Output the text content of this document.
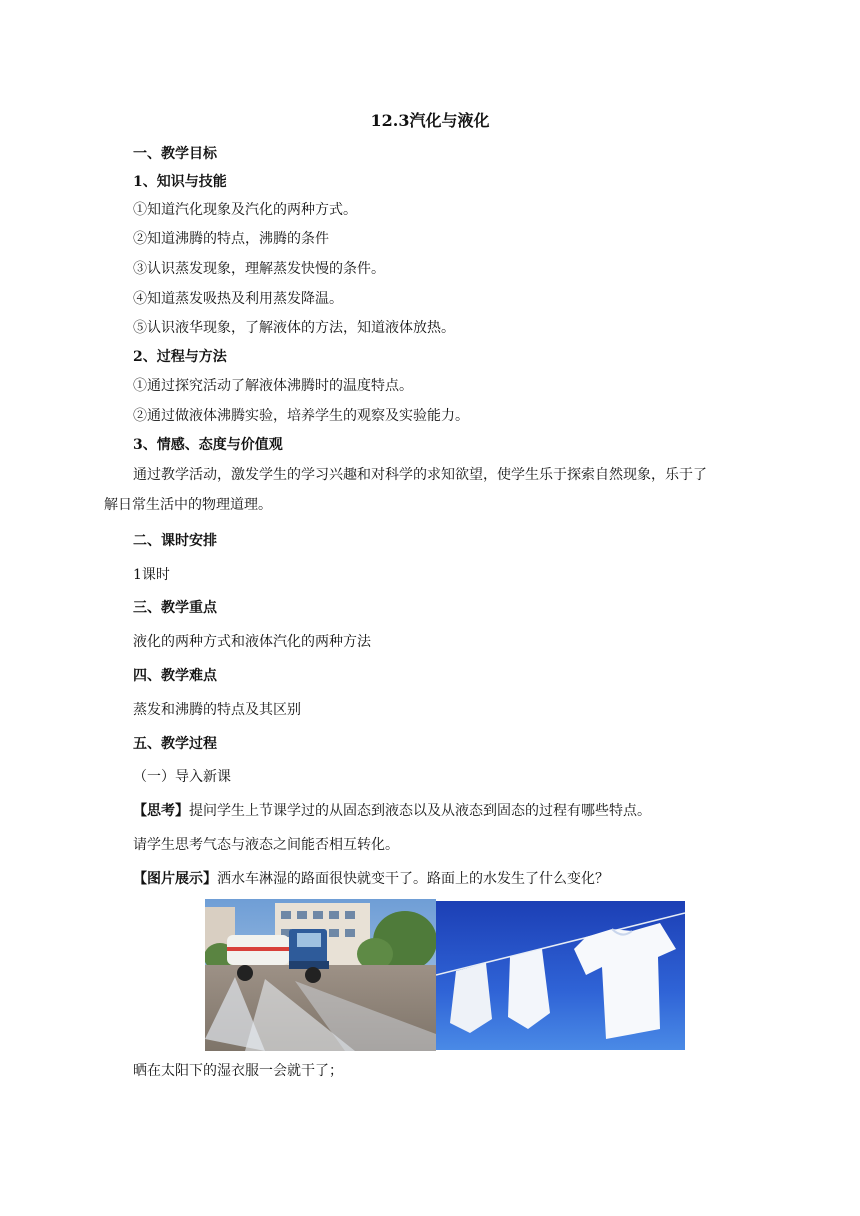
12.3汽化与液化
一、教学目标
1、知识与技能
①知道汽化现象及汽化的两种方式。
②知道沸腾的特点，沸腾的条件
③认识蒸发现象，理解蒸发快慢的条件。
④知道蒸发吸热及利用蒸发降温。
⑤认识液华现象，了解液体的方法，知道液体放热。
2、过程与方法
①通过探究活动了解液体沸腾时的温度特点。
②通过做液体沸腾实验，培养学生的观察及实验能力。
3、情感、态度与价值观
通过教学活动，激发学生的学习兴趣和对科学的求知欲望，使学生乐于探索自然现象，乐于了
解日常生活中的物理道理。
二、课时安排
1课时
三、教学重点
液化的两种方式和液体汽化的两种方法
四、教学难点
蒸发和沸腾的特点及其区别
五、教学过程
（一）导入新课
【思考】提问学生上节课学过的从固态到液态以及从液态到固态的过程有哪些特点。
请学生思考气态与液态之间能否相互转化。
【图片展示】洒水车淋湿的路面很快就变干了。路面上的水发生了什么变化？
晒在太阳下的湿衣服一会就干了；
